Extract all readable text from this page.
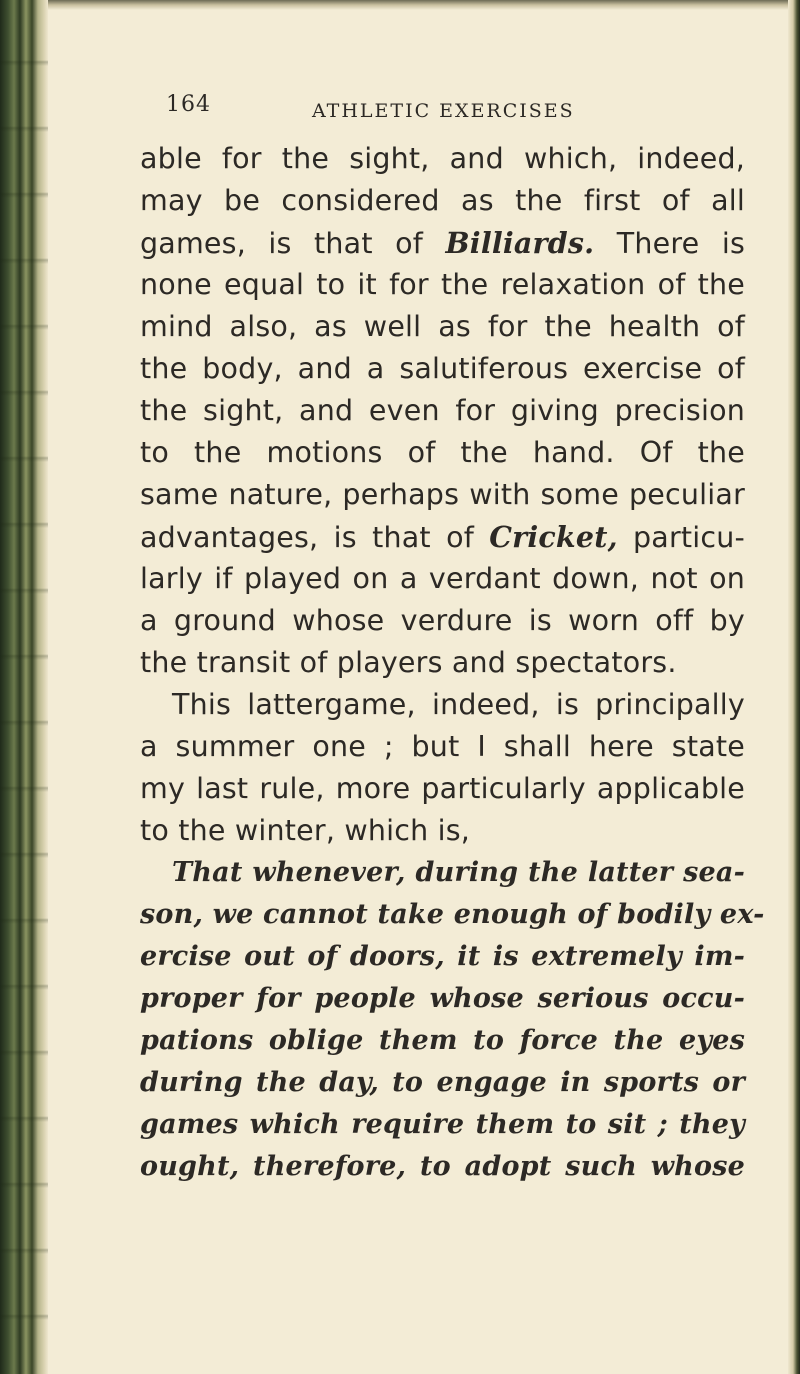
164	ATHLETIC EXERCISES
able for the sight, and which, indeed,
may be considered as the first of all
games, is that of Billiards. There is
none equal to it for the relaxation of the
mind also, as well as for the health of
the body, and a salutiferous exercise of
the sight, and even for giving precision
to the motions of the hand. Of the
same nature, perhaps with some peculiar
advantages, is that of Cricket, particu-
larly if played on a verdant down, not on
a ground whose verdure is worn off by
the transit of players and spectators.
This lattergame, indeed, is principally
a summer one ; but I shall here state
my last rule, more particularly applicable
to the winter, which is,
That whenever, during the latter sea-
son, we cannot take enough of bodily ex-
ercise out of doors, it is extremely im-
proper for people whose serious occu-
pations oblige them to force the eyes
during the day, to engage in sports or
games which require them to sit ; they
ought, therefore, to adopt such whose
